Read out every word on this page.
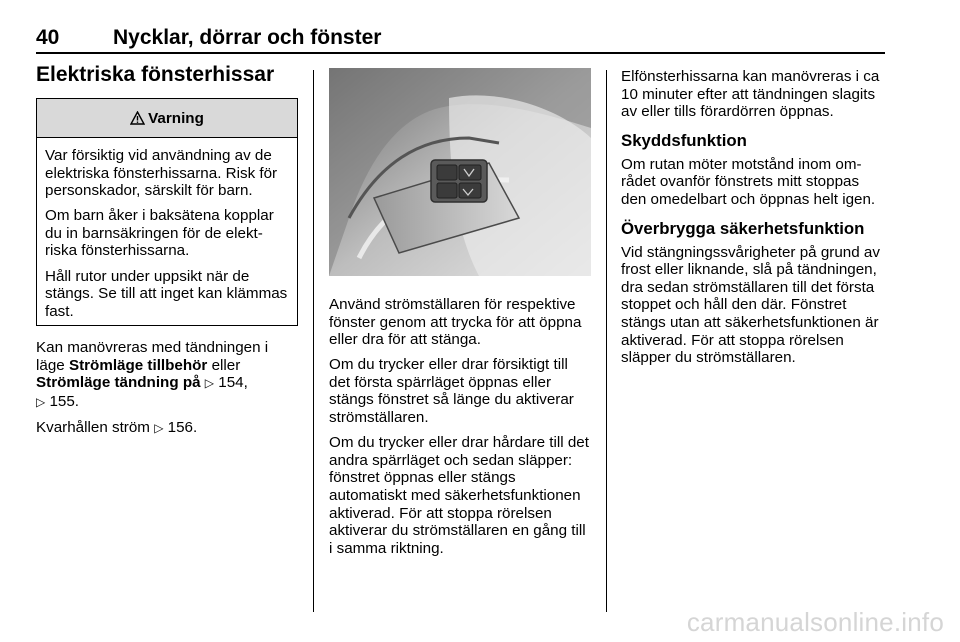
40	Nycklar, dörrar och fönster
Elektriska fönsterhissar
Varning

Var försiktig vid användning av de elektriska fönsterhissarna. Risk för personskador, särskilt för barn.

Om barn åker i baksätena kopplar du in barnsäkringen för de elektriska fönsterhissarna.

Håll rutor under uppsikt när de stängs. Se till att inget kan klämmas fast.

Kan manövreras med tändningen i läge Strömläge tillbehör eller
Strömläge tändning på ▷ 154,
▷ 155.

Kvarhållen ström ▷ 156.

Använd strömställaren för respektive fönster genom att trycka för att öppna eller dra för att stänga.

Om du trycker eller drar försiktigt till det första spärrläget öppnas eller stängs fönstret så länge du aktiverar strömställaren.

Om du trycker eller drar hårdare till det andra spärrläget och sedan släpper: fönstret öppnas eller stängs automatiskt med säkerhetsfunktionen aktiverad. För att stoppa rörelsen aktiverar du strömställaren en gång till i samma riktning.

Elfönsterhissarna kan manövreras i ca 10 minuter efter att tändningen slagits av eller tills förardörren öppnas.

Skyddsfunktion

Om rutan möter motstånd inom området ovanför fönstrets mitt stoppas den omedelbart och öppnas helt igen.

Överbrygga säkerhetsfunktion

Vid stängningssvårigheter på grund av frost eller liknande, slå på tändningen, dra sedan strömställaren till det första stoppet och håll den där. Fönstret stängs utan att säkerhetsfunktionen är aktiverad. För att stoppa rörelsen släpper du strömställaren.

carmanualsonline.info
